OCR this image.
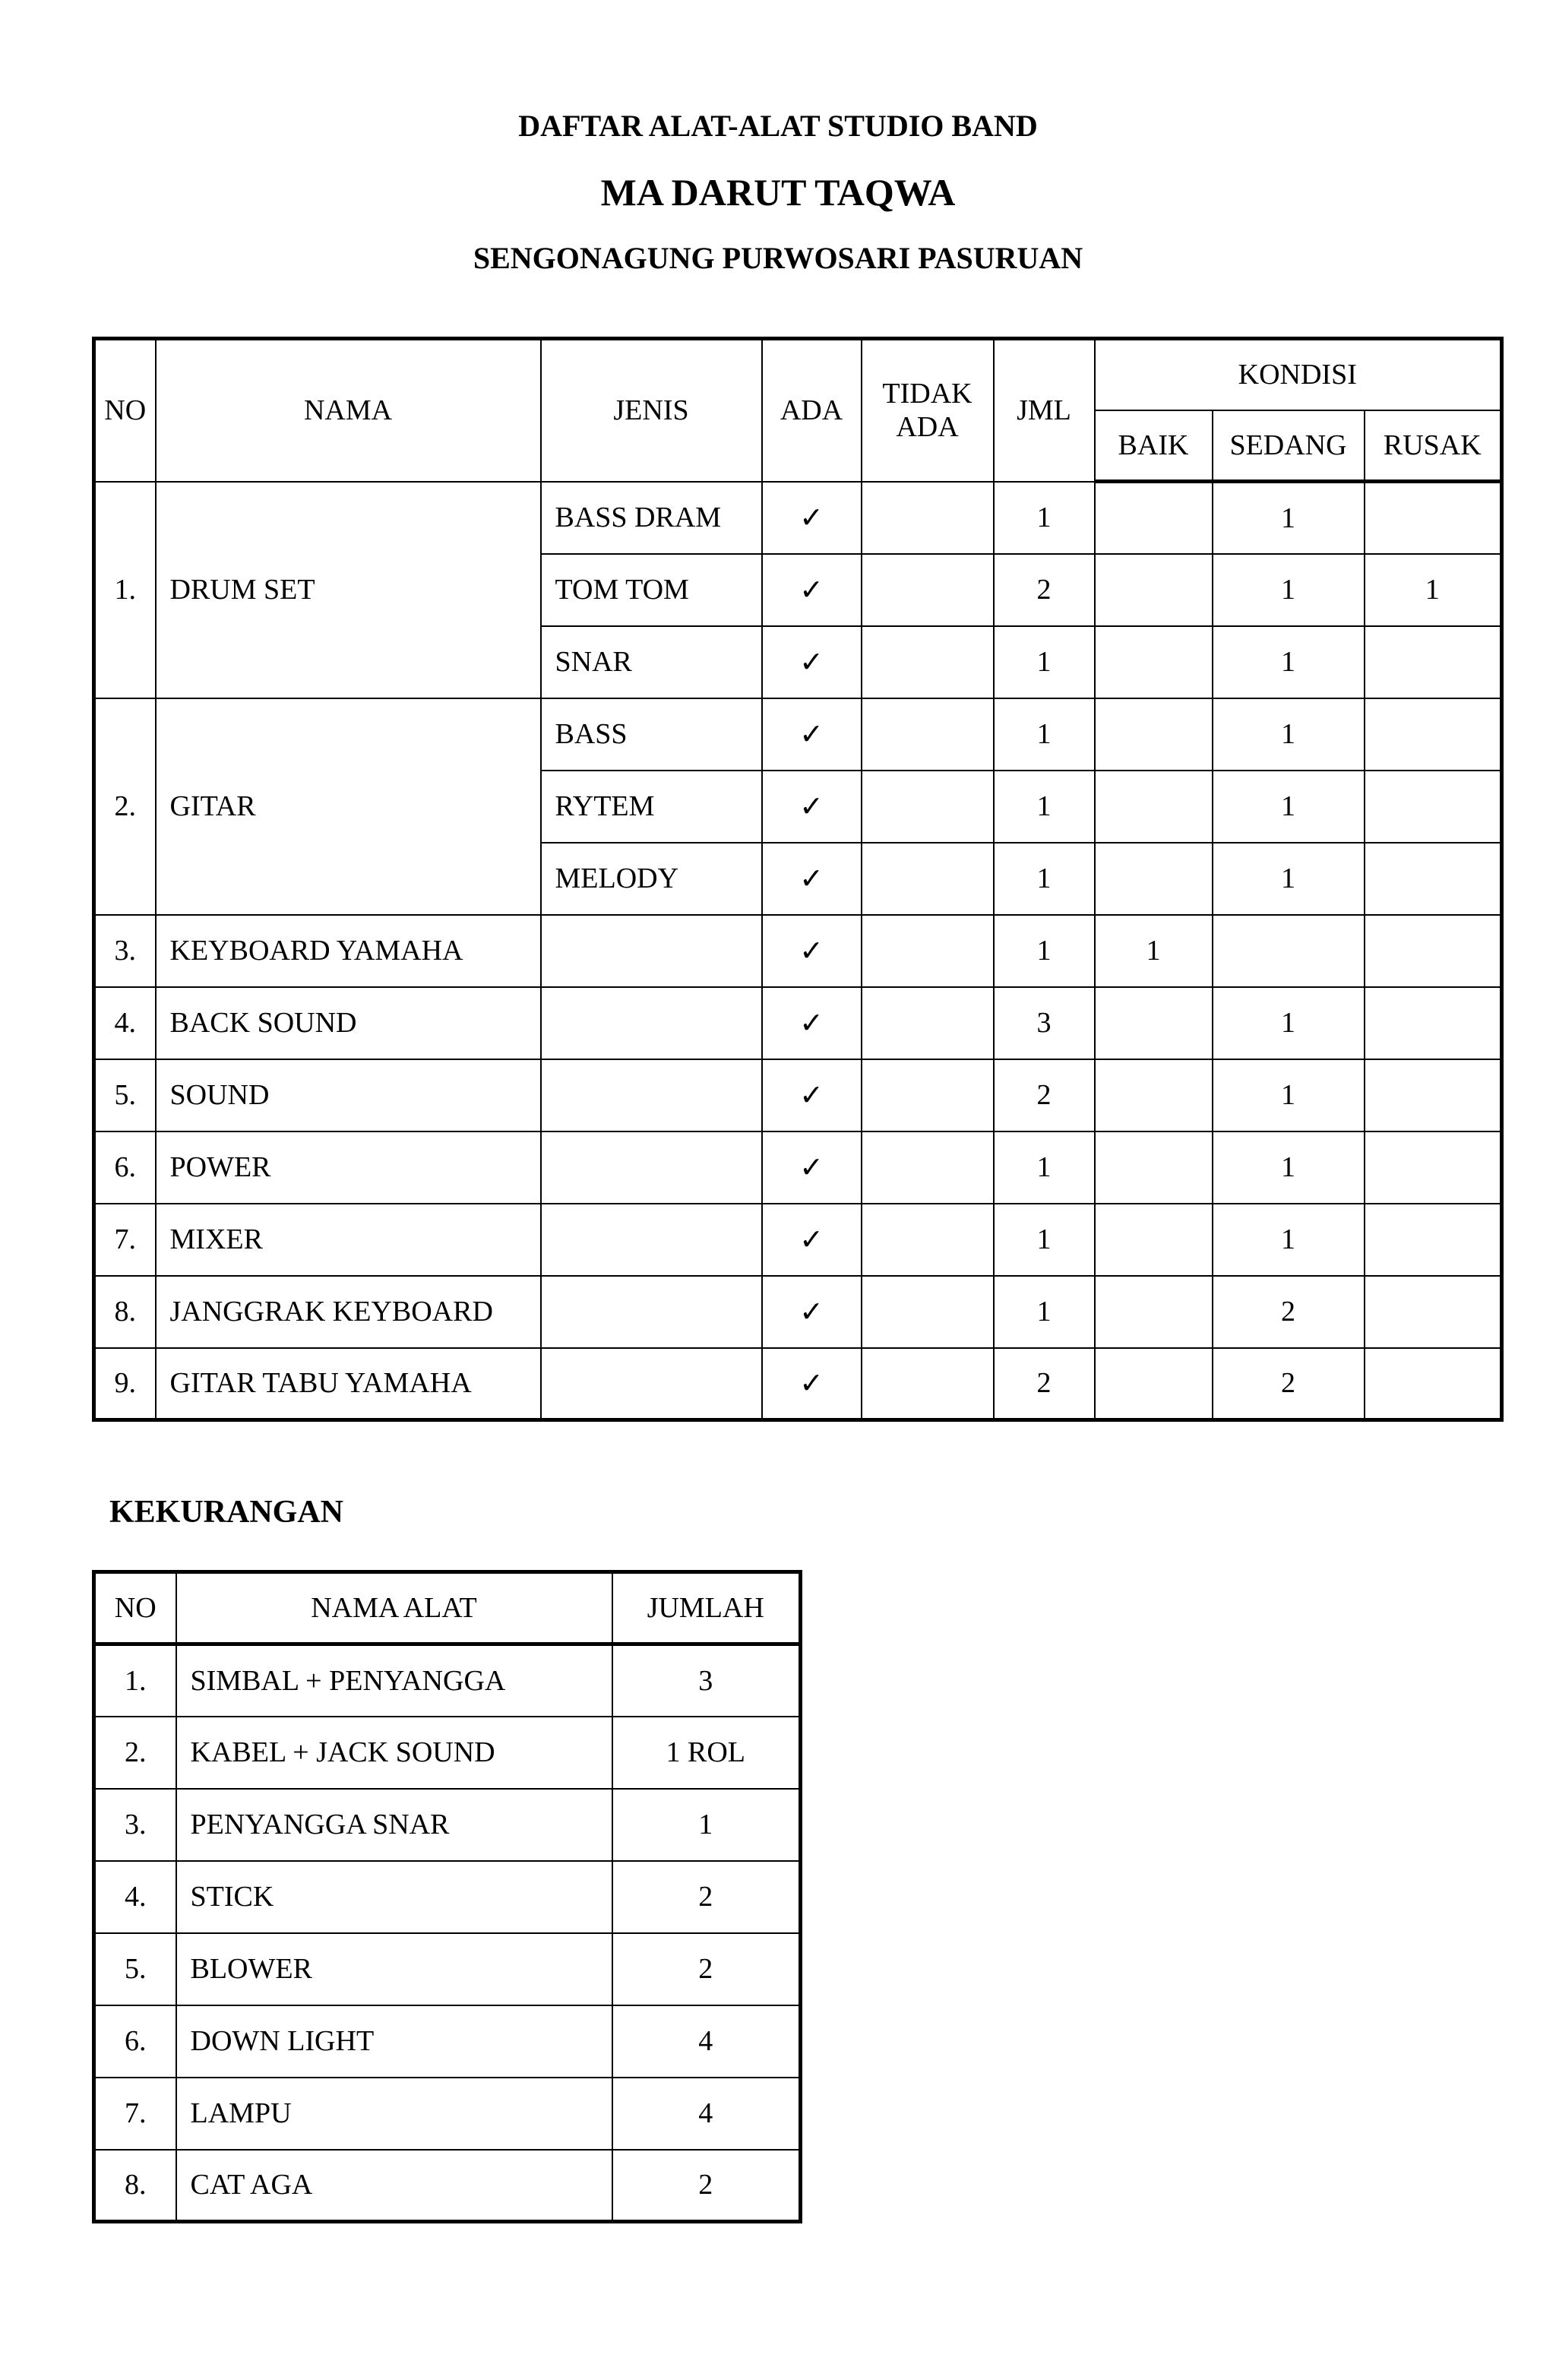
DAFTAR ALAT-ALAT STUDIO BAND
MA DARUT TAQWA
SENGONAGUNG PURWOSARI PASURUAN
NO	NAMA	JENIS	ADA	TIDAK ADA	JML	KONDISI		
						BAIK	SEDANG	RUSAK
1.	DRUM SET	BASS DRAM	✓		1		1	
		TOM TOM	✓		2		1	1
		SNAR	✓		1		1	
2.	GITAR	BASS	✓		1		1	
		RYTEM	✓		1		1	
		MELODY	✓		1		1	
3.	KEYBOARD YAMAHA		✓		1	1		
4.	BACK SOUND		✓		3		1	
5.	SOUND		✓		2		1	
6.	POWER		✓		1		1	
7.	MIXER		✓		1		1	
8.	JANGGRAK KEYBOARD		✓		1		2	
9.	GITAR TABU YAMAHA		✓		2		2	
KEKURANGAN
NO	NAMA ALAT	JUMLAH
1.	SIMBAL + PENYANGGA	3
2.	KABEL + JACK SOUND	1 ROL
3.	PENYANGGA SNAR	1
4.	STICK	2
5.	BLOWER	2
6.	DOWN LIGHT	4
7.	LAMPU	4
8.	CAT AGA	2
